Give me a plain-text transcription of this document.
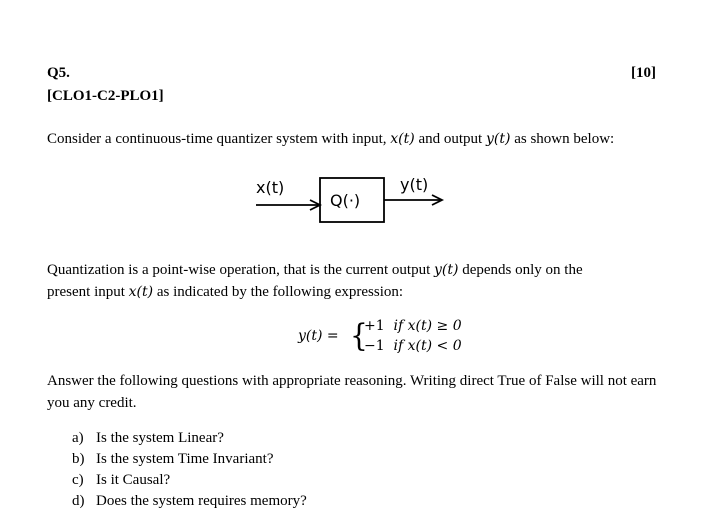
Q5.	[10]
[CLO1-C2-PLO1]
Consider a continuous-time quantizer system with input, x(t) and output y(t) as shown below:
x(t)
Q(·)
y(t)
Quantization is a point-wise operation, that is the current output y(t) depends only on the
present input x(t) as indicated by the following expression:
y(t) = {
+1 if x(t) ≥ 0
−1 if x(t) < 0
Answer the following questions with appropriate reasoning. Writing direct True of False will not earn you any credit.
a) Is the system Linear?
b) Is the system Time Invariant?
c) Is it Causal?
d) Does the system requires memory?
